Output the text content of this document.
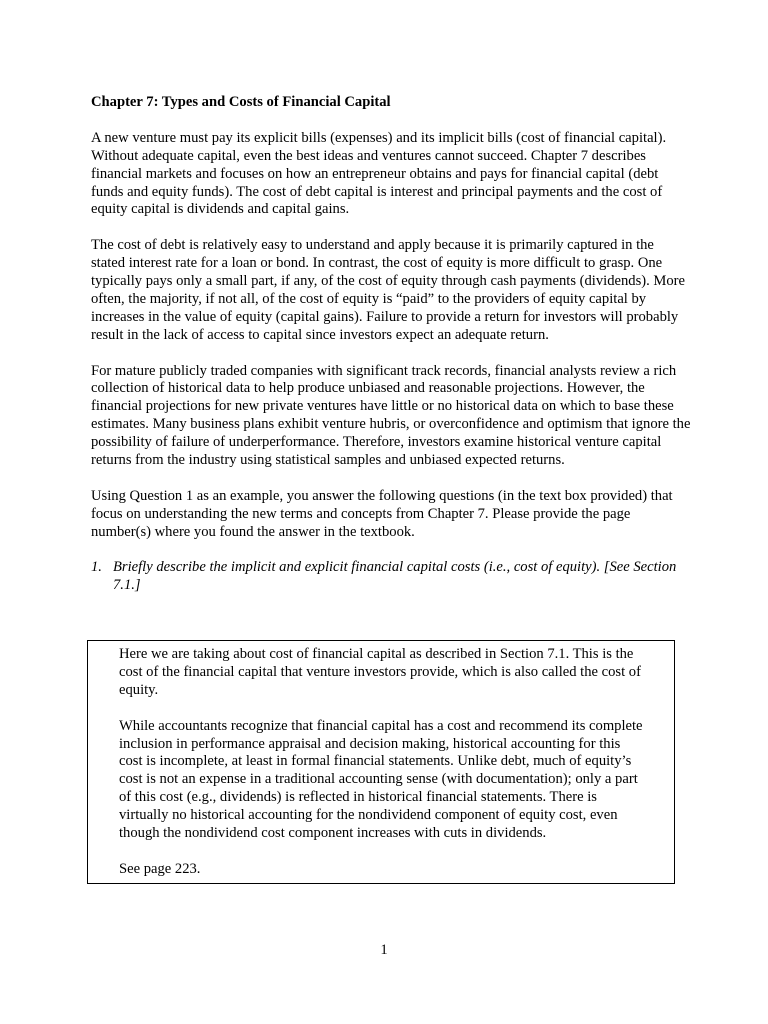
Chapter 7: Types and Costs of Financial Capital

A new venture must pay its explicit bills (expenses) and its implicit bills (cost of financial capital). Without adequate capital, even the best ideas and ventures cannot succeed. Chapter 7 describes financial markets and focuses on how an entrepreneur obtains and pays for financial capital (debt funds and equity funds). The cost of debt capital is interest and principal payments and the cost of equity capital is dividends and capital gains.

The cost of debt is relatively easy to understand and apply because it is primarily captured in the stated interest rate for a loan or bond. In contrast, the cost of equity is more difficult to grasp. One typically pays only a small part, if any, of the cost of equity through cash payments (dividends). More often, the majority, if not all, of the cost of equity is “paid” to the providers of equity capital by increases in the value of equity (capital gains). Failure to provide a return for investors will probably result in the lack of access to capital since investors expect an adequate return.

For mature publicly traded companies with significant track records, financial analysts review a rich collection of historical data to help produce unbiased and reasonable projections. However, the financial projections for new private ventures have little or no historical data on which to base these estimates. Many business plans exhibit venture hubris, or overconfidence and optimism that ignore the possibility of failure of underperformance. Therefore, investors examine historical venture capital returns from the industry using statistical samples and unbiased expected returns.

Using Question 1 as an example, you answer the following questions (in the text box provided) that focus on understanding the new terms and concepts from Chapter 7. Please provide the page number(s) where you found the answer in the textbook.

1. Briefly describe the implicit and explicit financial capital costs (i.e., cost of equity). [See Section 7.1.]

Here we are taking about cost of financial capital as described in Section 7.1. This is the cost of the financial capital that venture investors provide, which is also called the cost of equity.

While accountants recognize that financial capital has a cost and recommend its complete inclusion in performance appraisal and decision making, historical accounting for this cost is incomplete, at least in formal financial statements. Unlike debt, much of equity’s cost is not an expense in a traditional accounting sense (with documentation); only a part of this cost (e.g., dividends) is reflected in historical financial statements. There is virtually no historical accounting for the nondividend component of equity cost, even though the nondividend cost component increases with cuts in dividends.

See page 223.

1
